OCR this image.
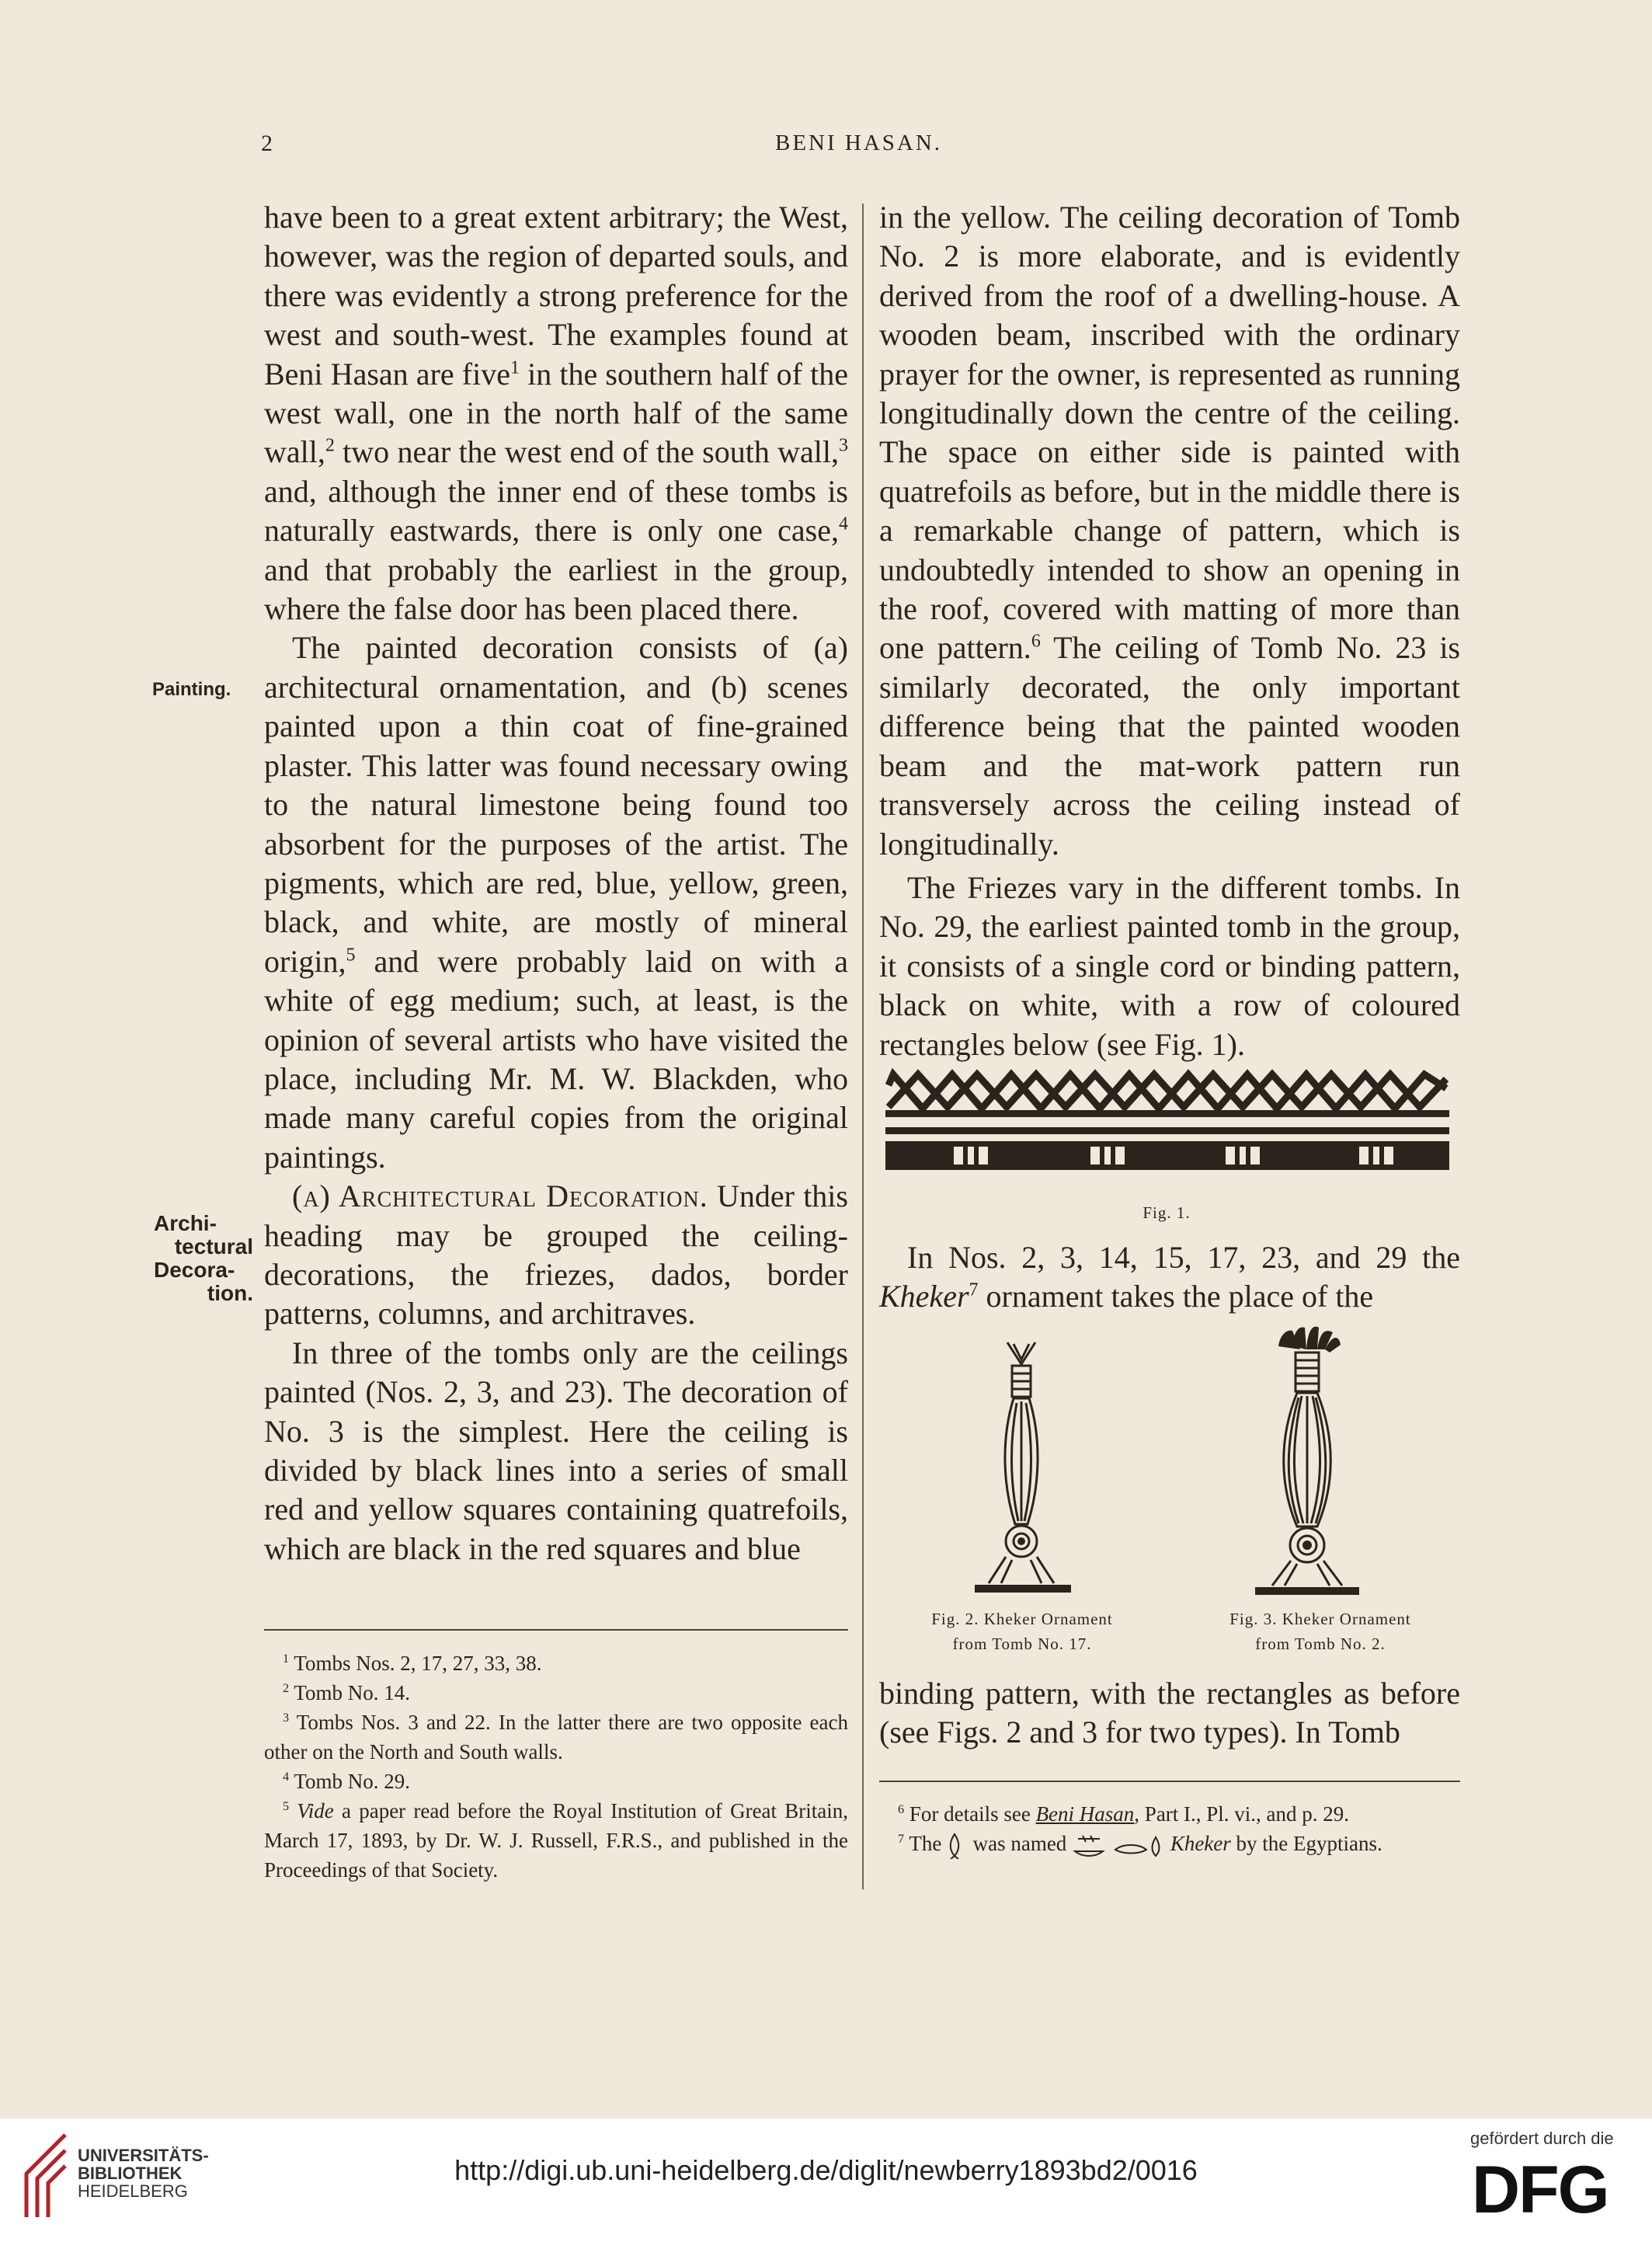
2	BENI HASAN.
Painting.
Archi-
tectural
Decora-
tion.

have been to a great extent arbitrary; the West, however, was the region of departed souls, and there was evidently a strong preference for the west and south-west. The examples found at Beni Hasan are five$^1$ in the southern half of the west wall, one in the north half of the same wall,$^2$ two near the west end of the south wall,$^3$ and, although the inner end of these tombs is naturally eastwards, there is only one case,$^4$ and that probably the earliest in the group, where the false door has been placed there.

The painted decoration consists of (a) architectural ornamentation, and (b) scenes painted upon a thin coat of fine-grained plaster. This latter was found necessary owing to the natural limestone being found too absorbent for the purposes of the artist. The pigments, which are red, blue, yellow, green, black, and white, are mostly of mineral origin,$^5$ and were probably laid on with a white of egg medium; such, at least, is the opinion of several artists who have visited the place, including Mr. M. W. Blackden, who made many careful copies from the original paintings.

(a) Architectural Decoration. Under this heading may be grouped the ceiling-decorations, the friezes, dados, border patterns, columns, and architraves.

In three of the tombs only are the ceilings painted (Nos. 2, 3, and 23). The decoration of No. 3 is the simplest. Here the ceiling is divided by black lines into a series of small red and yellow squares containing quatrefoils, which are black in the red squares and blue

$^1$ Tombs Nos. 2, 17, 27, 33, 38.

$^2$ Tomb No. 14.

$^3$ Tombs Nos. 3 and 22. In the latter there are two opposite each other on the North and South walls.

$^4$ Tomb No. 29.

$^5$ Vide a paper read before the Royal Institution of Great Britain, March 17, 1893, by Dr. W. J. Russell, F.R.S., and published in the Proceedings of that Society.

in the yellow. The ceiling decoration of Tomb No. 2 is more elaborate, and is evidently derived from the roof of a dwelling-house. A wooden beam, inscribed with the ordinary prayer for the owner, is represented as running longitudinally down the centre of the ceiling. The space on either side is painted with quatrefoils as before, but in the middle there is a remarkable change of pattern, which is undoubtedly intended to show an opening in the roof, covered with matting of more than one pattern.$^6$ The ceiling of Tomb No. 23 is similarly decorated, the only important difference being that the painted wooden beam and the mat-work pattern run transversely across the ceiling instead of longitudinally.

The Friezes vary in the different tombs. In No. 29, the earliest painted tomb in the group, it consists of a single cord or binding pattern, black on white, with a row of coloured rectangles below (see Fig. 1).

Fig. 1.

In Nos. 2, 3, 14, 15, 17, 23, and 29 the Kheker$^7$ ornament takes the place of the

Fig. 2. Kheker Ornament
from Tomb No. 17.
Fig. 3. Kheker Ornament
from Tomb No. 2.

binding pattern, with the rectangles as before (see Figs. 2 and 3 for two types). In Tomb

$^6$ For details see Beni Hasan, Part I., Pl. vi., and p. 29.

$^7$ The was named	Kheker by the Egyptians.

UNIVERSITÄTS-
BIBLIOTHEK
HEIDELBERG
http://digi.ub.uni-heidelberg.de/diglit/newberry1893bd2/0016
gefördert durch die
DFG
